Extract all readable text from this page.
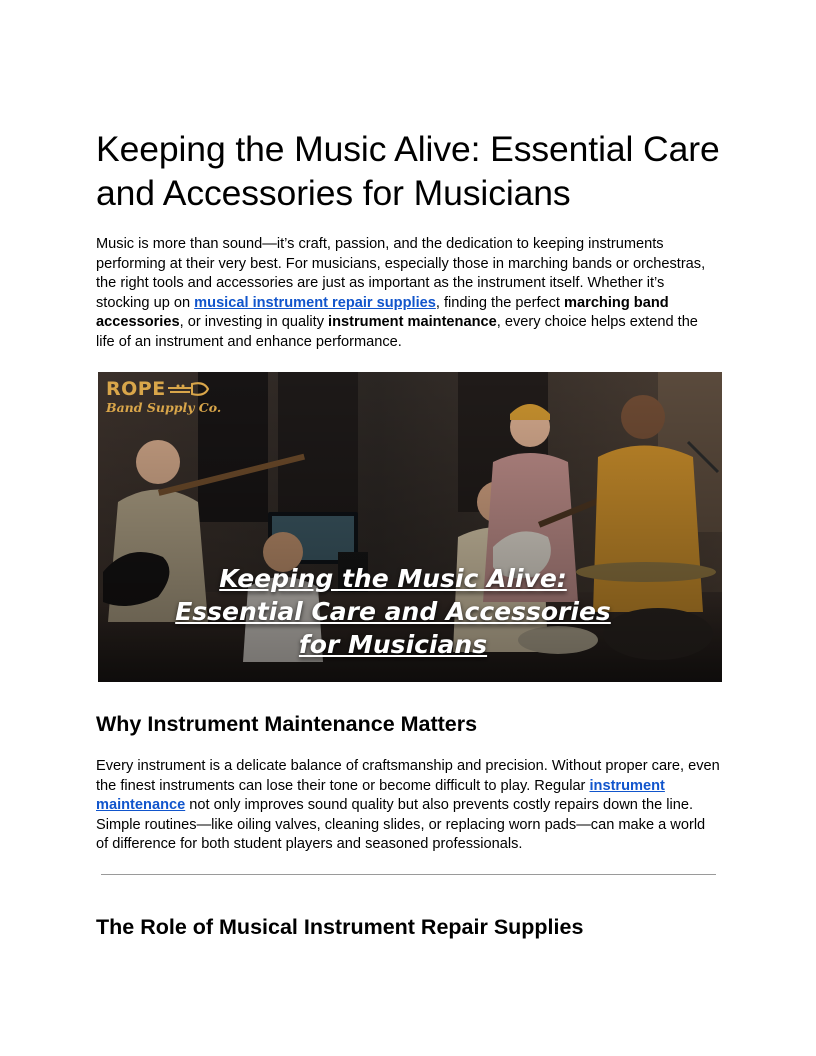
Keeping the Music Alive: Essential Care and Accessories for Musicians

Music is more than sound—it’s craft, passion, and the dedication to keeping instruments performing at their very best. For musicians, especially those in marching bands or orchestras, the right tools and accessories are just as important as the instrument itself. Whether it’s stocking up on musical instrument repair supplies, finding the perfect marching band accessories, or investing in quality instrument maintenance, every choice helps extend the life of an instrument and enhance performance.

ROPE
Band Supply Co.
Keeping the Music Alive:
Essential Care and Accessories
for Musicians
Why Instrument Maintenance Matters

Every instrument is a delicate balance of craftsmanship and precision. Without proper care, even the finest instruments can lose their tone or become difficult to play. Regular instrument maintenance not only improves sound quality but also prevents costly repairs down the line. Simple routines—like oiling valves, cleaning slides, or replacing worn pads—can make a world of difference for both student players and seasoned professionals.

The Role of Musical Instrument Repair Supplies
